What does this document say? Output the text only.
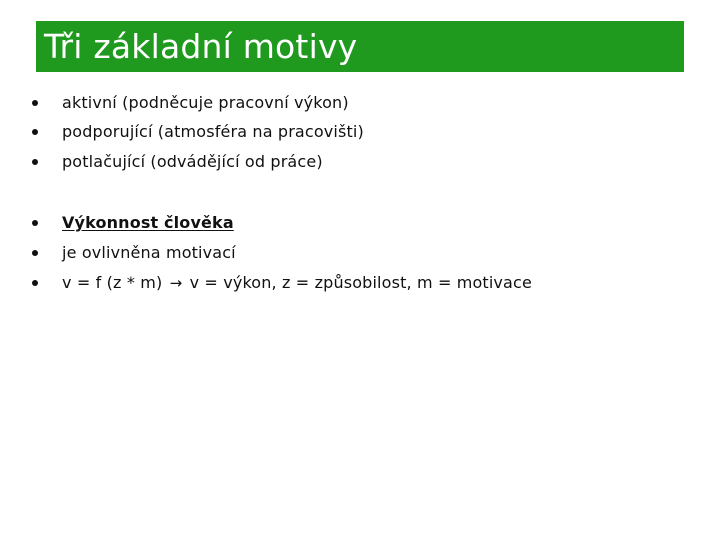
Tři základní motivy
aktivní (podněcuje pracovní výkon)
podporující (atmosféra na pracovišti)
potlačující (odvádějící od práce)
Výkonnost člověka
je ovlivněna motivací
v = f (z * m) → v = výkon, z = způsobilost, m = motivace
